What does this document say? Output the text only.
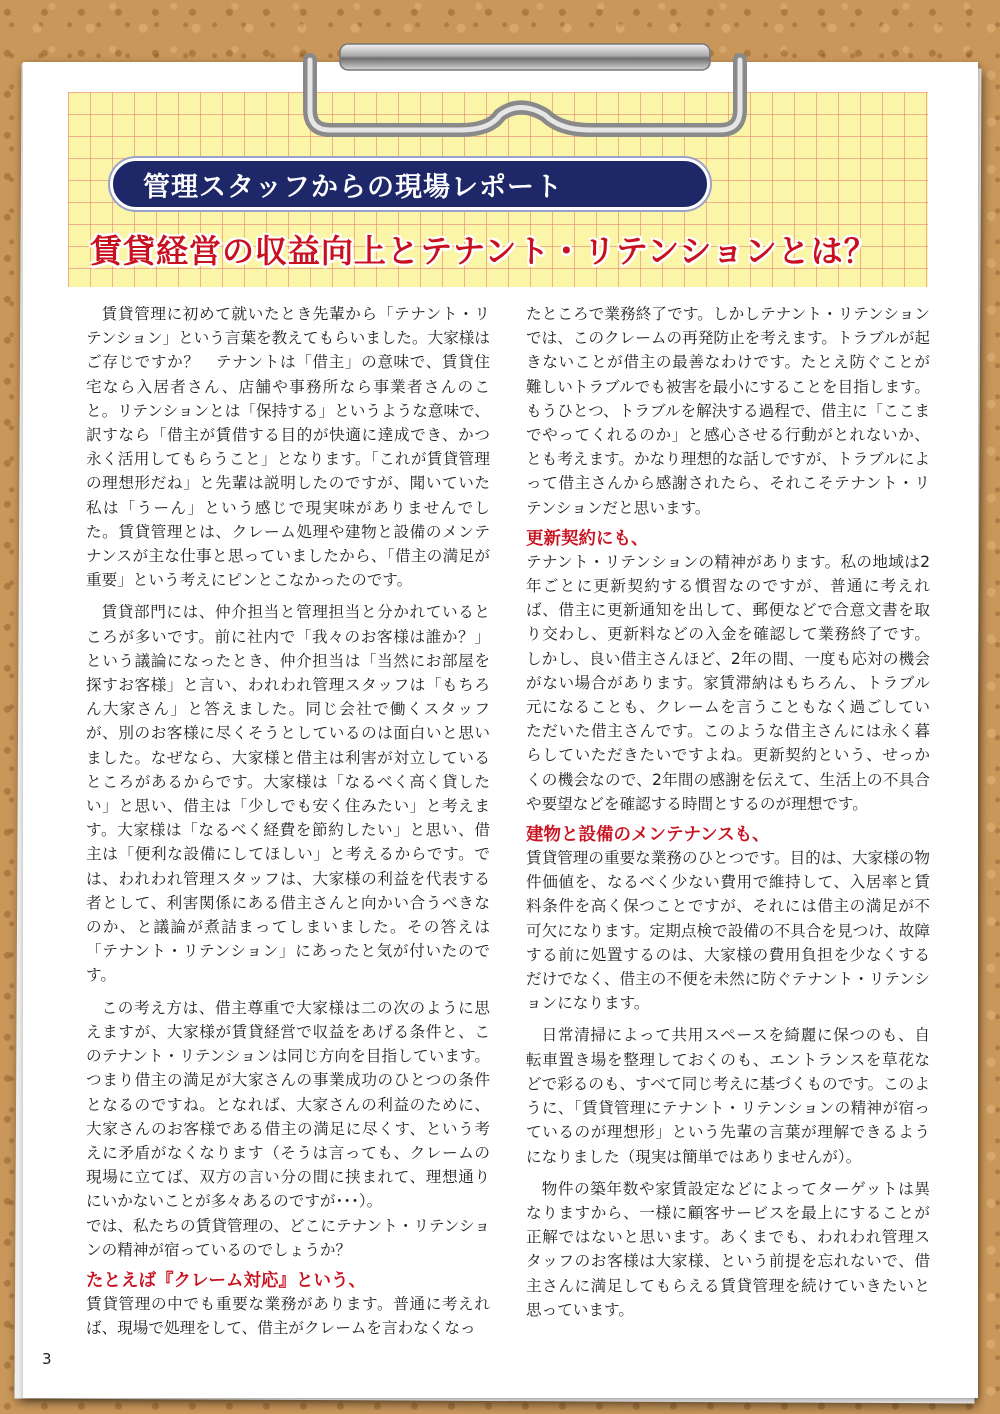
管理スタッフからの現場レポート
賃貸経営の収益向上とテナント・リテンションとは？

賃貸管理に初めて就いたとき先輩から「テナント・リテンション」という言葉を教えてもらいました。大家様はご存じですか？　テナントは「借主」の意味で、賃貸住宅なら入居者さん、店舗や事務所なら事業者さんのこと。リテンションとは「保持する」というような意味で、訳すなら「借主が賃借する目的が快適に達成でき、かつ永く活用してもらうこと」となります。「これが賃貸管理の理想形だね」と先輩は説明したのですが、聞いていた私は「うーん」という感じで現実味がありませんでした。賃貸管理とは、クレーム処理や建物と設備のメンテナンスが主な仕事と思っていましたから、「借主の満足が重要」という考えにピンとこなかったのです。

賃貸部門には、仲介担当と管理担当と分かれているところが多いです。前に社内で「我々のお客様は誰か？」という議論になったとき、仲介担当は「当然にお部屋を探すお客様」と言い、われわれ管理スタッフは「もちろん大家さん」と答えました。同じ会社で働くスタッフが、別のお客様に尽くそうとしているのは面白いと思いました。なぜなら、大家様と借主は利害が対立しているところがあるからです。大家様は「なるべく高く貸したい」と思い、借主は「少しでも安く住みたい」と考えます。大家様は「なるべく経費を節約したい」と思い、借主は「便利な設備にしてほしい」と考えるからです。では、われわれ管理スタッフは、大家様の利益を代表する者として、利害関係にある借主さんと向かい合うべきなのか、と議論が煮詰まってしまいました。その答えは「テナント・リテンション」にあったと気が付いたのです。

この考え方は、借主尊重で大家様は二の次のように思えますが、大家様が賃貸経営で収益をあげる条件と、このテナント・リテンションは同じ方向を目指しています。つまり借主の満足が大家さんの事業成功のひとつの条件となるのですね。となれば、大家さんの利益のために、大家さんのお客様である借主の満足に尽くす、という考えに矛盾がなくなります（そうは言っても、クレームの現場に立てば、双方の言い分の間に挟まれて、理想通りにいかないことが多々あるのですが･･･）。

では、私たちの賃貸管理の、どこにテナント・リテンションの精神が宿っているのでしょうか？

たとえば『クレーム対応』という、

賃貸管理の中でも重要な業務があります。普通に考えれば、現場で処理をして、借主がクレームを言わなくなっ

たところで業務終了です。しかしテナント・リテンションでは、このクレームの再発防止を考えます。トラブルが起きないことが借主の最善なわけです。たとえ防ぐことが難しいトラブルでも被害を最小にすることを目指します。もうひとつ、トラブルを解決する過程で、借主に「ここまでやってくれるのか」と感心させる行動がとれないか、とも考えます。かなり理想的な話しですが、トラブルによって借主さんから感謝されたら、それこそテナント・リテンションだと思います。

更新契約にも、

テナント・リテンションの精神があります。私の地域は2年ごとに更新契約する慣習なのですが、普通に考えれば、借主に更新通知を出して、郵便などで合意文書を取り交わし、更新料などの入金を確認して業務終了です。しかし、良い借主さんほど、2年の間、一度も応対の機会がない場合があります。家賃滞納はもちろん、トラブル元になることも、クレームを言うこともなく過ごしていただいた借主さんです。このような借主さんには永く暮らしていただきたいですよね。更新契約という、せっかくの機会なので、2年間の感謝を伝えて、生活上の不具合や要望などを確認する時間とするのが理想です。

建物と設備のメンテナンスも、

賃貸管理の重要な業務のひとつです。目的は、大家様の物件価値を、なるべく少ない費用で維持して、入居率と賃料条件を高く保つことですが、それには借主の満足が不可欠になります。定期点検で設備の不具合を見つけ、故障する前に処置するのは、大家様の費用負担を少なくするだけでなく、借主の不便を未然に防ぐテナント・リテンションになります。

日常清掃によって共用スペースを綺麗に保つのも、自転車置き場を整理しておくのも、エントランスを草花などで彩るのも、すべて同じ考えに基づくものです。このように、「賃貸管理にテナント・リテンションの精神が宿っているのが理想形」という先輩の言葉が理解できるようになりました（現実は簡単ではありませんが）。

物件の築年数や家賃設定などによってターゲットは異なりますから、一様に顧客サービスを最上にすることが正解ではないと思います。あくまでも、われわれ管理スタッフのお客様は大家様、という前提を忘れないで、借主さんに満足してもらえる賃貸管理を続けていきたいと思っています。

3
